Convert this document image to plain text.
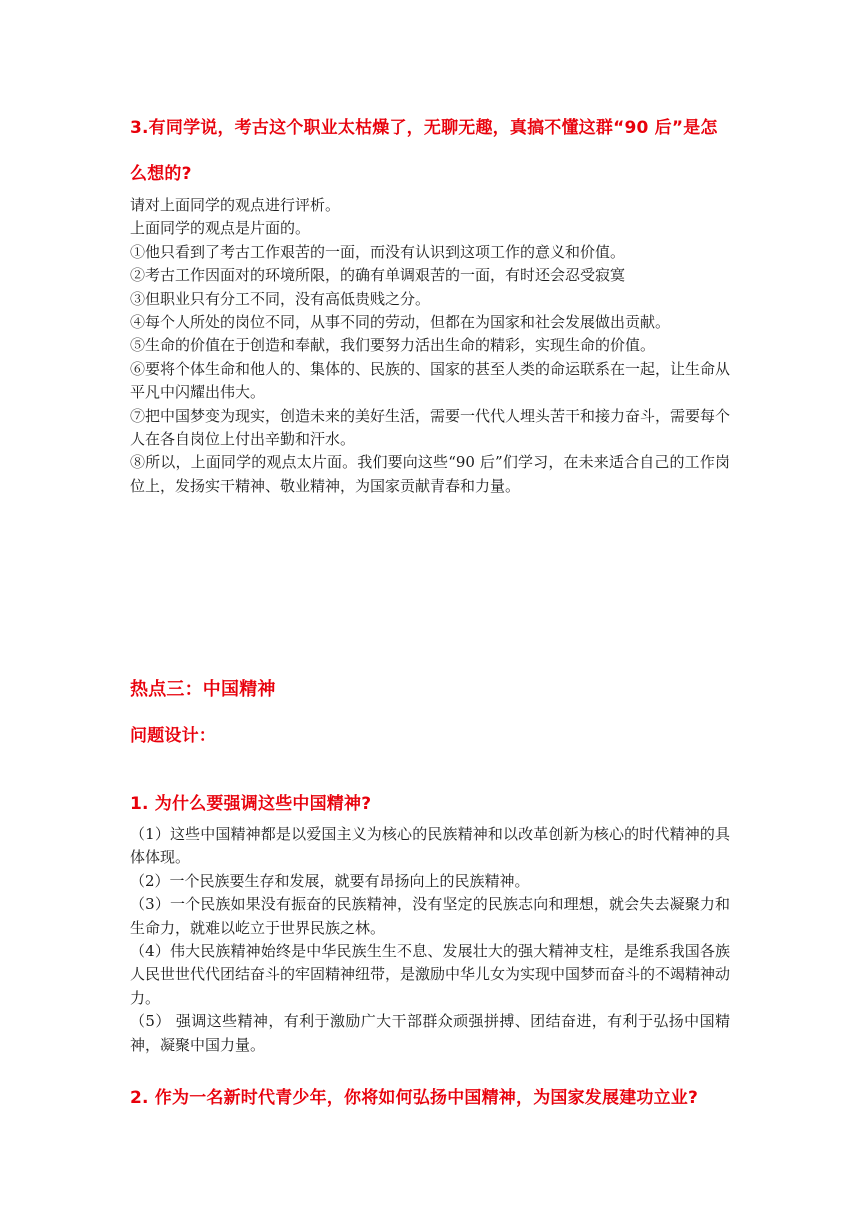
3.有同学说，考古这个职业太枯燥了，无聊无趣，真搞不懂这群“90 后”是怎

么想的?

请对上面同学的观点进行评析。

上面同学的观点是片面的。

①他只看到了考古工作艰苦的一面，而没有认识到这项工作的意义和价值。

②考古工作因面对的环境所限，的确有单调艰苦的一面，有时还会忍受寂寞

③但职业只有分工不同，没有高低贵贱之分。

④每个人所处的岗位不同，从事不同的劳动，但都在为国家和社会发展做出贡献。

⑤生命的价值在于创造和奉献，我们要努力活出生命的精彩，实现生命的价值。

⑥要将个体生命和他人的、集体的、民族的、国家的甚至人类的命运联系在一起，让生命从平凡中闪耀出伟大。

⑦把中国梦变为现实，创造未来的美好生活，需要一代代人埋头苦干和接力奋斗，需要每个人在各自岗位上付出辛勤和汗水。

⑧所以，上面同学的观点太片面。我们要向这些“90 后”们学习，在未来适合自己的工作岗位上，发扬实干精神、敬业精神，为国家贡献青春和力量。

热点三：中国精神

问题设计：

1. 为什么要强调这些中国精神?

（1）这些中国精神都是以爱国主义为核心的民族精神和以改革创新为核心的时代精神的具体体现。

（2）一个民族要生存和发展，就要有昂扬向上的民族精神。

（3）一个民族如果没有振奋的民族精神，没有坚定的民族志向和理想，就会失去凝聚力和生命力，就难以屹立于世界民族之林。

（4）伟大民族精神始终是中华民族生生不息、发展壮大的强大精神支柱，是维系我国各族人民世世代代团结奋斗的牢固精神纽带，是激励中华儿女为实现中国梦而奋斗的不竭精神动力。

（5） 强调这些精神，有利于激励广大干部群众顽强拼搏、团结奋进，有利于弘扬中国精神，凝聚中国力量。

2. 作为一名新时代青少年，你将如何弘扬中国精神，为国家发展建功立业?
